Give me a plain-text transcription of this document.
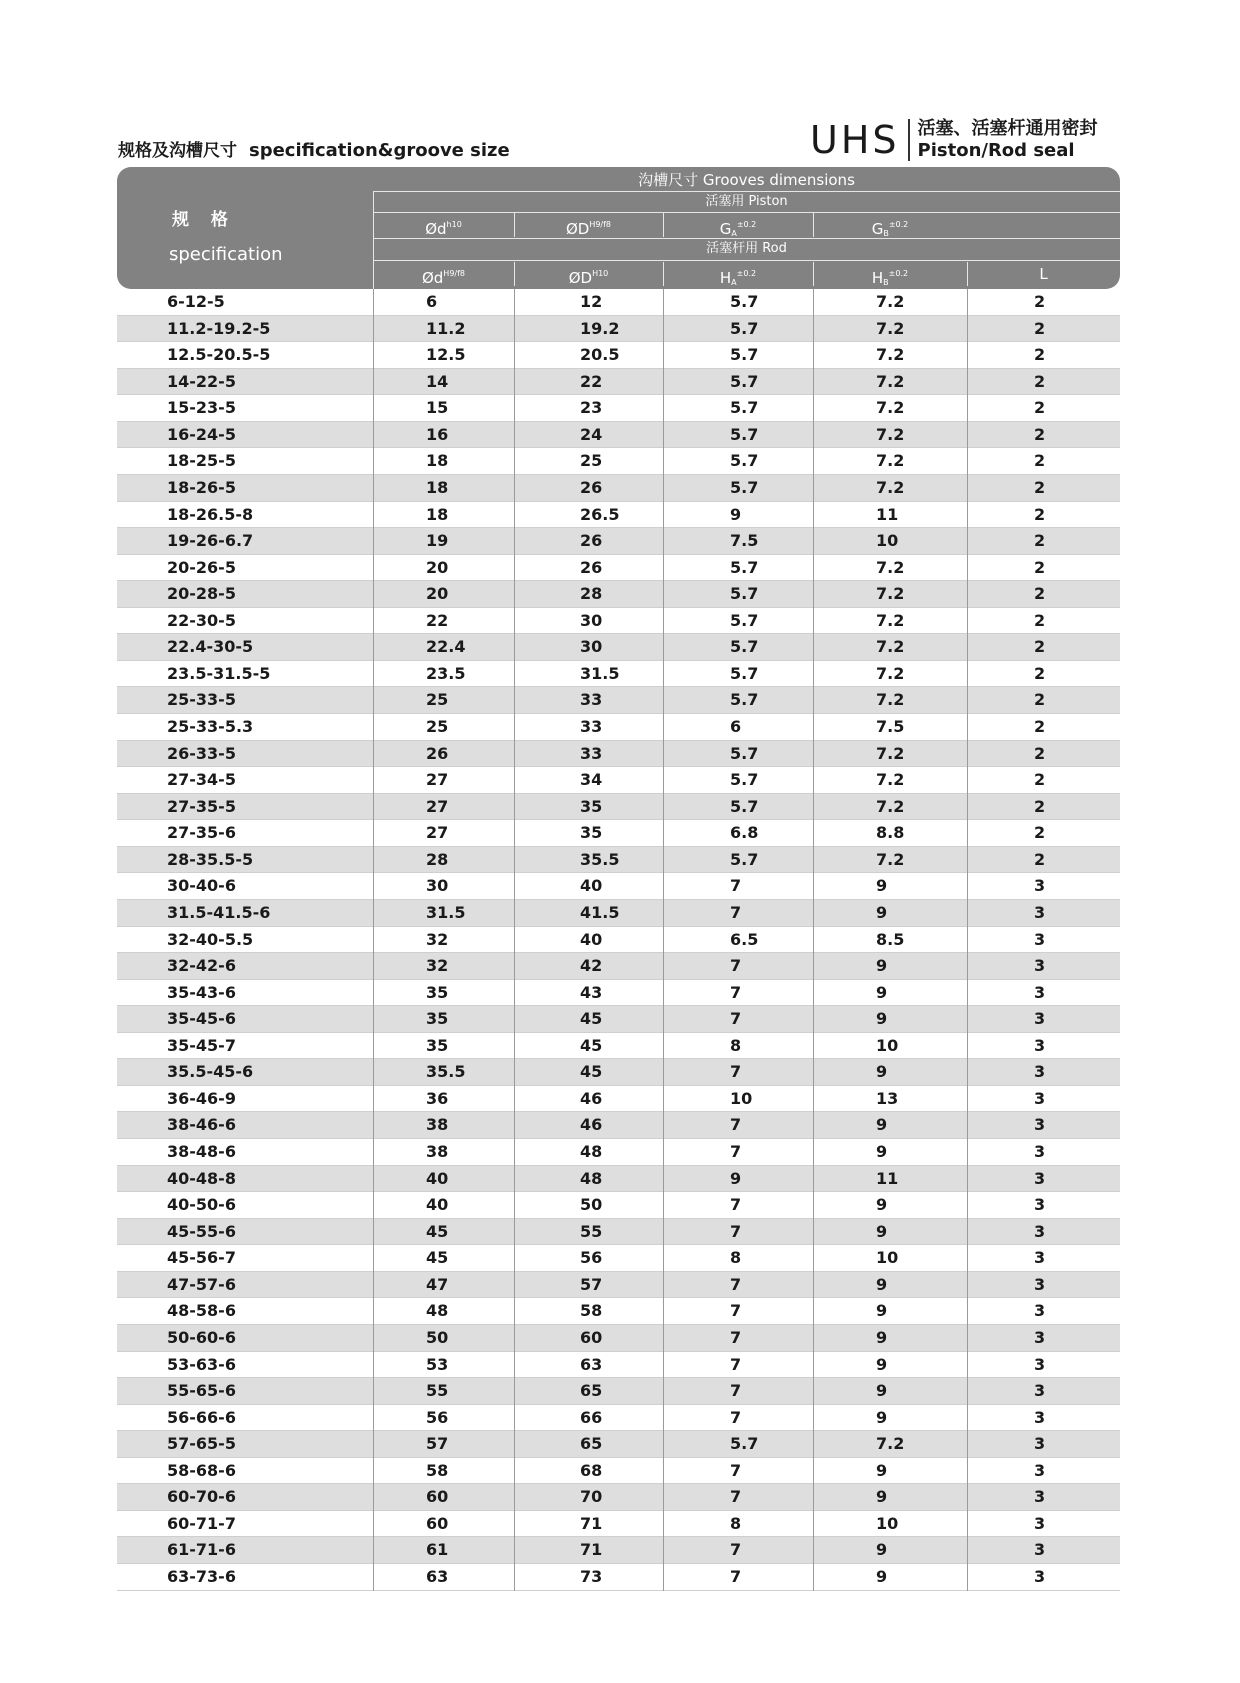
规格及沟槽尺寸 specification&groove size	UHS 活塞、活塞杆通用密封
Piston/Rod seal
规 格
specification
沟槽尺寸 Grooves dimensions
活塞用 Piston
$Ød^{h10}$	$ØD^{H9/f8}$	$G_A^{\pm 0.2}$	$G_B^{\pm 0.2}$
活塞杆用 Rod
$Ød^{H9/f8}$	$ØD^{H10}$	$H_A^{\pm 0.2}$	$H_B^{\pm 0.2}$	L
6-12-5	6	12	5.7	7.2	2
11.2-19.2-5	11.2	19.2	5.7	7.2	2
12.5-20.5-5	12.5	20.5	5.7	7.2	2
14-22-5	14	22	5.7	7.2	2
15-23-5	15	23	5.7	7.2	2
16-24-5	16	24	5.7	7.2	2
18-25-5	18	25	5.7	7.2	2
18-26-5	18	26	5.7	7.2	2
18-26.5-8	18	26.5	9	11	2
19-26-6.7	19	26	7.5	10	2
20-26-5	20	26	5.7	7.2	2
20-28-5	20	28	5.7	7.2	2
22-30-5	22	30	5.7	7.2	2
22.4-30-5	22.4	30	5.7	7.2	2
23.5-31.5-5	23.5	31.5	5.7	7.2	2
25-33-5	25	33	5.7	7.2	2
25-33-5.3	25	33	6	7.5	2
26-33-5	26	33	5.7	7.2	2
27-34-5	27	34	5.7	7.2	2
27-35-5	27	35	5.7	7.2	2
27-35-6	27	35	6.8	8.8	2
28-35.5-5	28	35.5	5.7	7.2	2
30-40-6	30	40	7	9	3
31.5-41.5-6	31.5	41.5	7	9	3
32-40-5.5	32	40	6.5	8.5	3
32-42-6	32	42	7	9	3
35-43-6	35	43	7	9	3
35-45-6	35	45	7	9	3
35-45-7	35	45	8	10	3
35.5-45-6	35.5	45	7	9	3
36-46-9	36	46	10	13	3
38-46-6	38	46	7	9	3
38-48-6	38	48	7	9	3
40-48-8	40	48	9	11	3
40-50-6	40	50	7	9	3
45-55-6	45	55	7	9	3
45-56-7	45	56	8	10	3
47-57-6	47	57	7	9	3
48-58-6	48	58	7	9	3
50-60-6	50	60	7	9	3
53-63-6	53	63	7	9	3
55-65-6	55	65	7	9	3
56-66-6	56	66	7	9	3
57-65-5	57	65	5.7	7.2	3
58-68-6	58	68	7	9	3
60-70-6	60	70	7	9	3
60-71-7	60	71	8	10	3
61-71-6	61	71	7	9	3
63-73-6	63	73	7	9	3
